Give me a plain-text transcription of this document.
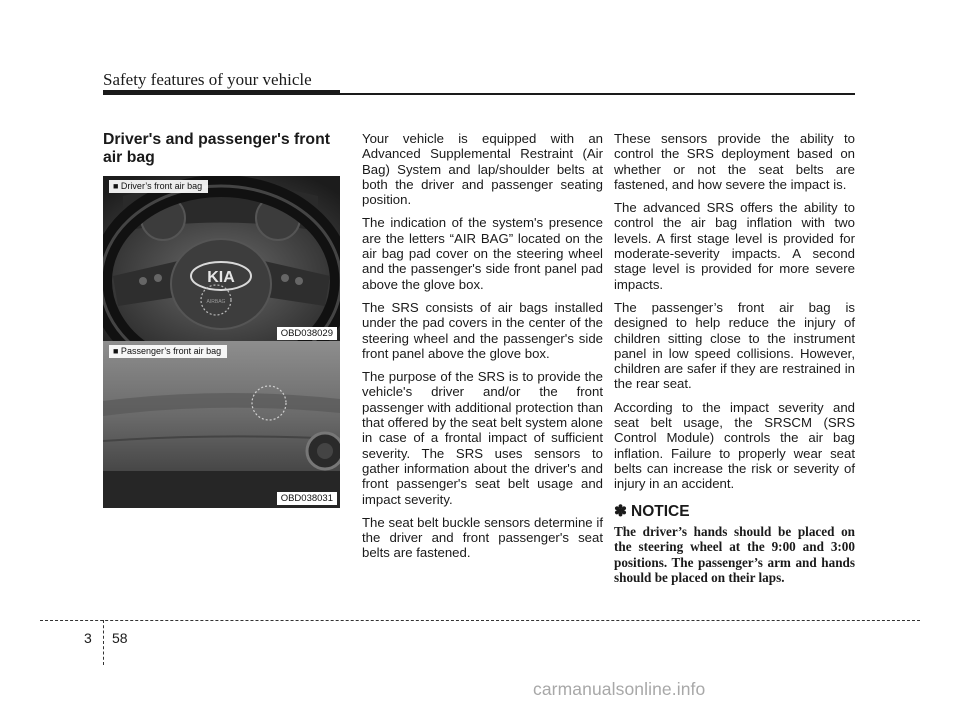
Safety features of your vehicle
Driver's and passenger's front air bag
KIA
AIRBAG
■ Driver’s front air bag
OBD038029
■ Passenger’s front air bag
OBD038031

Your vehicle is equipped with an Advanced Supplemental Restraint (Air Bag) System and lap/shoulder belts at both the driver and passenger seating position.

The indication of the system's presence are the letters “AIR BAG” located on the air bag pad cover on the steering wheel and the passenger's side front panel pad above the glove box.

The SRS consists of air bags installed under the pad covers in the center of the steering wheel and the passenger's side front panel above the glove box.

The purpose of the SRS is to provide the vehicle's driver and/or the front passenger with additional protection than that offered by the seat belt system alone in case of a frontal impact of sufficient severity. The SRS uses sensors to gather information about the driver's and front passenger's seat belt usage and impact severity.

The seat belt buckle sensors determine if the driver and front passenger's seat belts are fastened.

These sensors provide the ability to control the SRS deployment based on whether or not the seat belts are fastened, and how severe the impact is.

The advanced SRS offers the ability to control the air bag inflation with two levels. A first stage level is provided for moderate-severity impacts. A second stage level is provided for more severe impacts.

The passenger’s front air bag is designed to help reduce the injury of children sitting close to the instrument panel in low speed collisions. However, children are safer if they are restrained in the rear seat.

According to the impact severity and seat belt usage, the SRSCM (SRS Control Module) controls the air bag inflation. Failure to properly wear seat belts can increase the risk or severity of injury in an accident.

✽ NOTICE
The driver’s hands should be placed on the steering wheel at the 9:00 and 3:00 positions. The passenger’s arm and hands should be placed on their laps.
3 58
carmanualsonline.info
